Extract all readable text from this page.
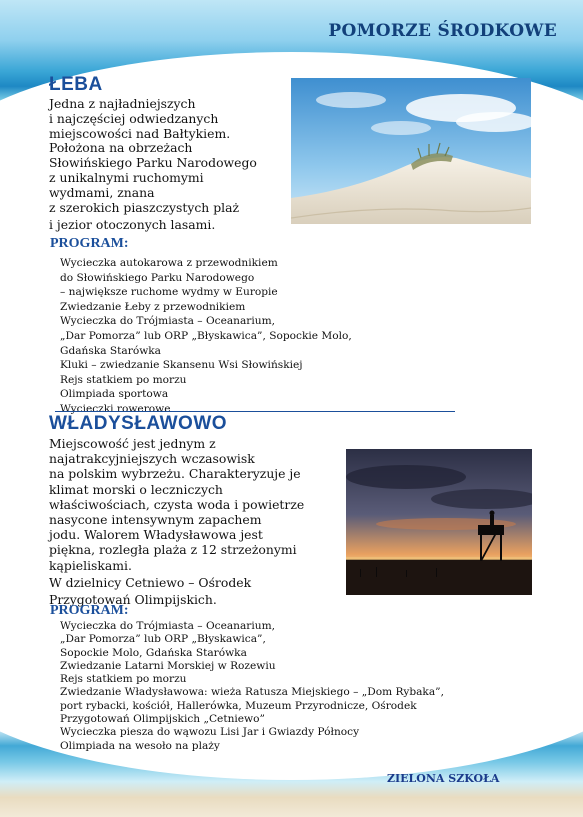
POMORZE ŚRODKOWE
ŁEBA

Jedna z najładniejszych
i najczęściej odwiedzanych
miejscowości nad Bałtykiem.
Położona na obrzeżach
Słowińskiego Parku Narodowego
z unikalnymi ruchomymi
wydmami, znana
z szerokich piaszczystych plaż
i jezior otoczonych lasami.

PROGRAM:
Wycieczka autokarowa z przewodnikiem
do Słowińskiego Parku Narodowego
– największe ruchome wydmy w Europie
Zwiedzanie Łeby z przewodnikiem
Wycieczka do Trójmiasta – Oceanarium,
„Dar Pomorza” lub ORP „Błyskawica”, Sopockie Molo,
Gdańska Starówka
Kluki – zwiedzanie Skansenu Wsi Słowińskiej
Rejs statkiem po morzu
Olimpiada sportowa
Wycieczki rowerowe
WŁADYSŁAWOWO

Miejscowość jest jednym z
najatrakcyjniejszych wczasowisk
na polskim wybrzeżu. Charakteryzuje je
klimat morski o leczniczych
właściwościach, czysta woda i powietrze
nasycone intensywnym zapachem
jodu. Walorem Władysławowa jest
piękna, rozległa plaża z 12 strzeżonymi
kąpieliskami.
W dzielnicy Cetniewo – Ośrodek
Przygotowań Olimpijskich.

PROGRAM:
Wycieczka do Trójmiasta – Oceanarium,
„Dar Pomorza” lub ORP „Błyskawica”,
Sopockie Molo, Gdańska Starówka
Zwiedzanie Latarni Morskiej w Rozewiu
Rejs statkiem po morzu
Zwiedzanie Władysławowa: wieża Ratusza Miejskiego – „Dom Rybaka”,
port rybacki, kościół, Hallerówka, Muzeum Przyrodnicze, Ośrodek
Przygotowań Olimpijskich „Cetniewo”
Wycieczka piesza do wąwozu Lisi Jar i Gwiazdy Północy
Olimpiada na wesoło na plaży

ZIELONA SZKOŁA
